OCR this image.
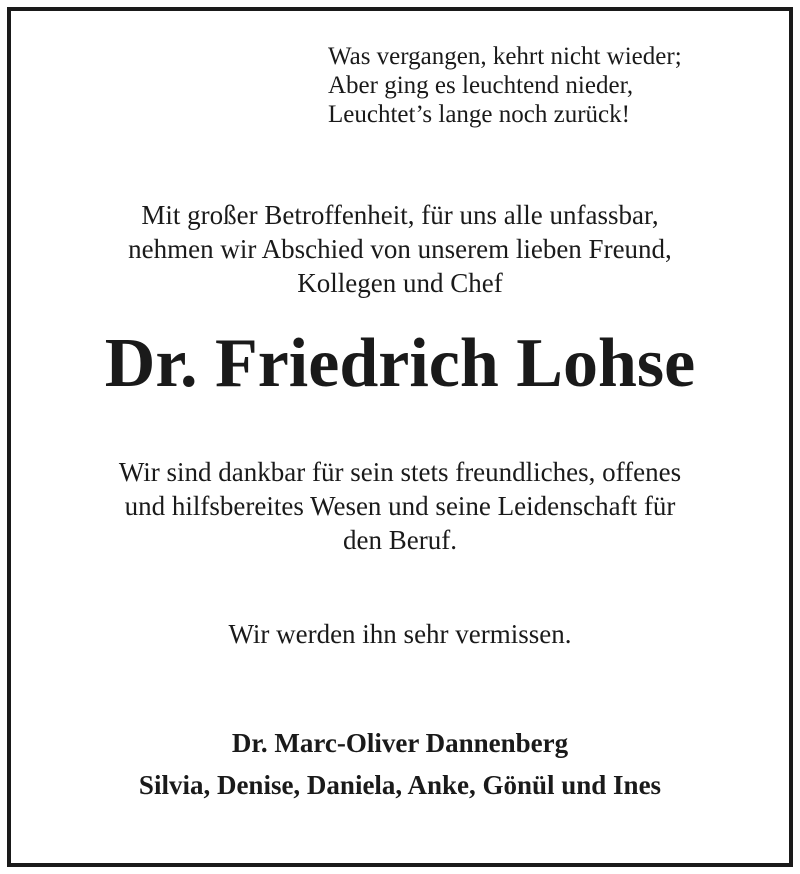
Was vergangen, kehrt nicht wieder;
Aber ging es leuchtend nieder,
Leuchtet’s lange noch zurück!

Mit großer Betroffenheit, für uns alle unfassbar,
nehmen wir Abschied von unserem lieben Freund,
Kollegen und Chef

Dr. Friedrich Lohse

Wir sind dankbar für sein stets freundliches, offenes
und hilfsbereites Wesen und seine Leidenschaft für
den Beruf.

Wir werden ihn sehr vermissen.

Dr. Marc-Oliver Dannenberg
Silvia, Denise, Daniela, Anke, Gönül und Ines
